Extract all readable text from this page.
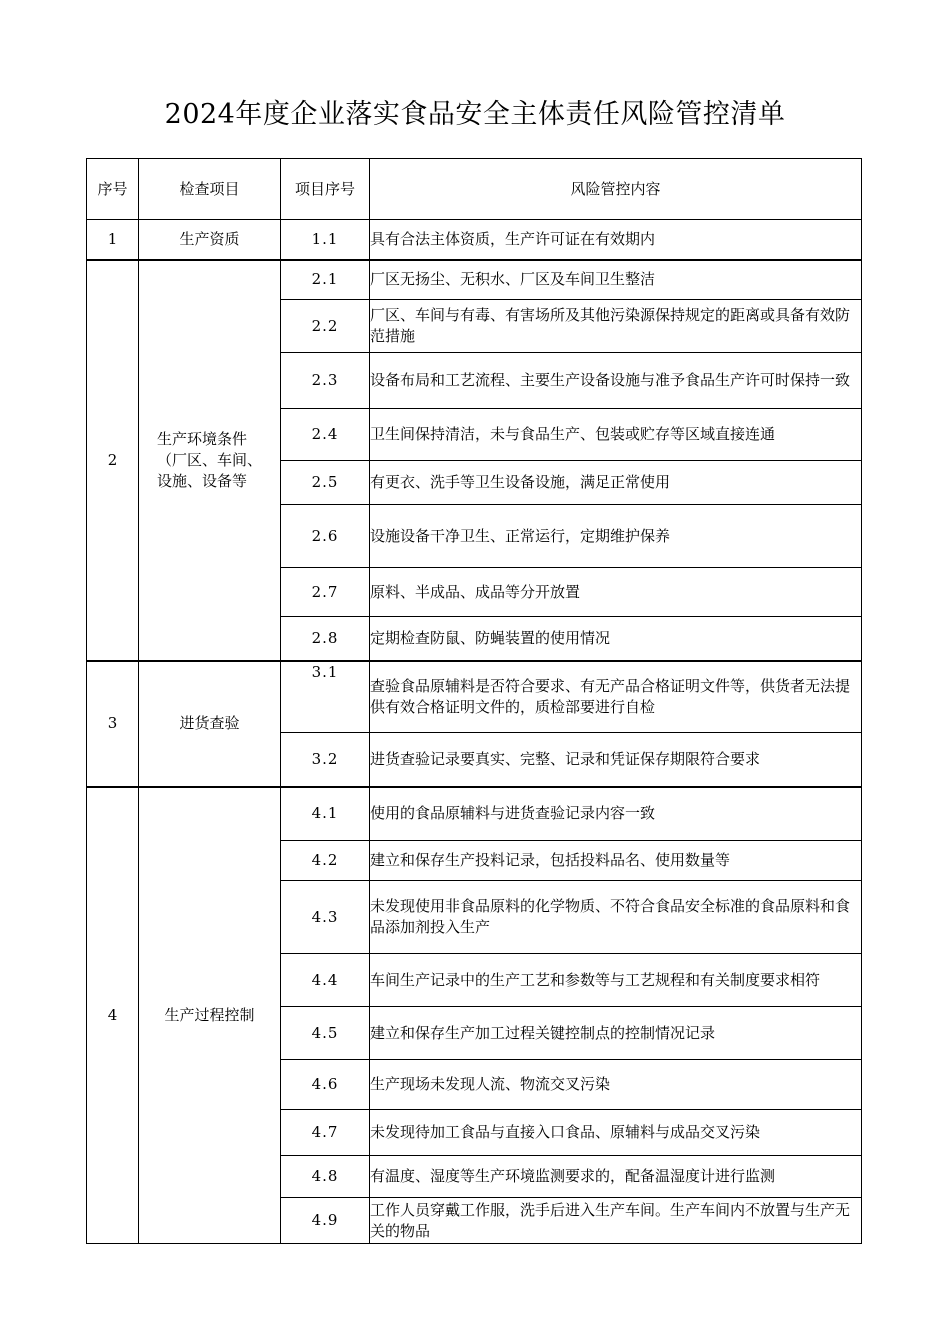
2024年度企业落实食品安全主体责任风险管控清单
序号	检查项目	项目序号	风险管控内容
1	生产资质	1.1	具有合法主体资质，生产许可证在有效期内
2	生产环境条件（厂区、车间、设施、设备等	2.1	厂区无扬尘、无积水、厂区及车间卫生整洁
		2.2	厂区、车间与有毒、有害场所及其他污染源保持规定的距离或具备有效防范措施
		2.3	设备布局和工艺流程、主要生产设备设施与准予食品生产许可时保持一致
		2.4	卫生间保持清洁，未与食品生产、包装或贮存等区域直接连通
		2.5	有更衣、洗手等卫生设备设施，满足正常使用
		2.6	设施设备干净卫生、正常运行，定期维护保养
		2.7	原料、半成品、成品等分开放置
		2.8	定期检查防鼠、防蝇装置的使用情况
3	进货查验	3.1	查验食品原辅料是否符合要求、有无产品合格证明文件等，供货者无法提供有效合格证明文件的，质检部要进行自检
		3.2	进货查验记录要真实、完整、记录和凭证保存期限符合要求
4	生产过程控制	4.1	使用的食品原辅料与进货查验记录内容一致
		4.2	建立和保存生产投料记录，包括投料品名、使用数量等
		4.3	未发现使用非食品原料的化学物质、不符合食品安全标准的食品原料和食品添加剂投入生产
		4.4	车间生产记录中的生产工艺和参数等与工艺规程和有关制度要求相符
		4.5	建立和保存生产加工过程关键控制点的控制情况记录
		4.6	生产现场未发现人流、物流交叉污染
		4.7	未发现待加工食品与直接入口食品、原辅料与成品交叉污染
		4.8	有温度、湿度等生产环境监测要求的，配备温湿度计进行监测
		4.9	工作人员穿戴工作服，洗手后进入生产车间。生产车间内不放置与生产无关的物品
